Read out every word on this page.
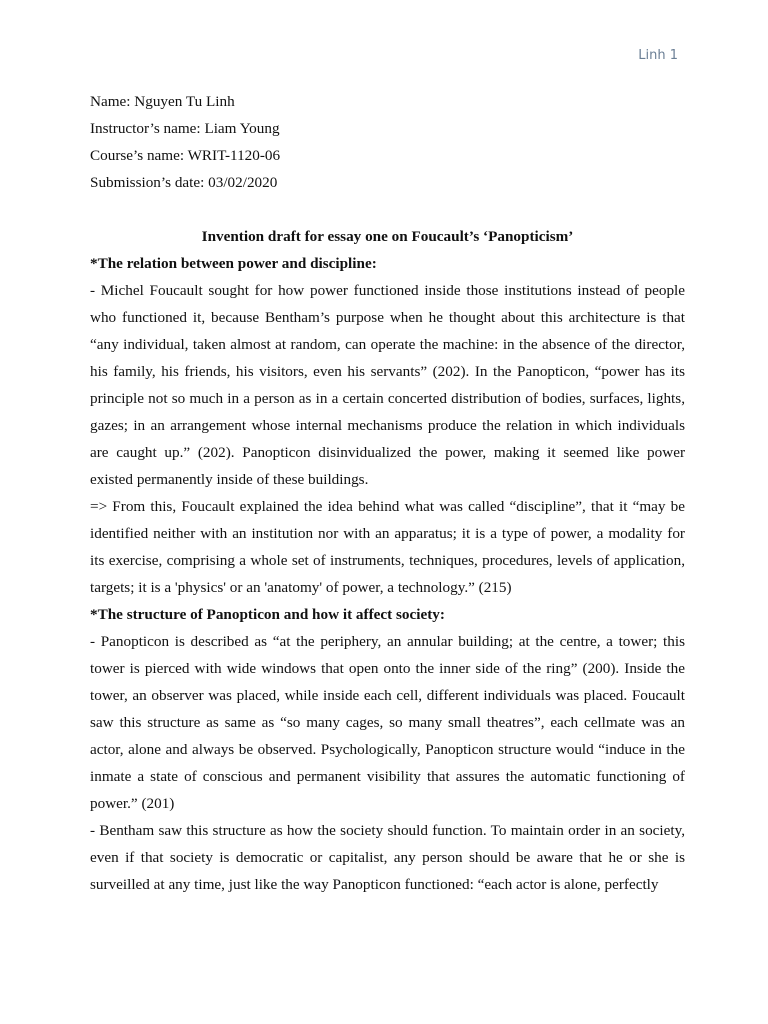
Linh 1
Name: Nguyen Tu Linh
Instructor’s name: Liam Young
Course’s name: WRIT-1120-06
Submission’s date: 03/02/2020
Invention draft for essay one on Foucault’s ‘Panopticism’
*The relation between power and discipline:
- Michel Foucault sought for how power functioned inside those institutions instead of people
who functioned it, because Bentham’s purpose when he thought about this architecture is that
“any individual, taken almost at random, can operate the machine: in the absence of the director,
his family, his friends, his visitors, even his servants” (202). In the Panopticon, “power has its
principle not so much in a person as in a certain concerted distribution of bodies, surfaces, lights,
gazes; in an arrangement whose internal mechanisms produce the relation in which individuals
are caught up.” (202). Panopticon disinvidualized the power, making it seemed like power
existed permanently inside of these buildings.
=> From this, Foucault explained the idea behind what was called “discipline”, that it “may be
identified neither with an institution nor with an apparatus; it is a type of power, a modality for
its exercise, comprising a whole set of instruments, techniques, procedures, levels of application,
targets; it is a 'physics' or an 'anatomy' of power, a technology.” (215)
*The structure of Panopticon and how it affect society:
- Panopticon is described as “at the periphery, an annular building; at the centre, a tower; this
tower is pierced with wide windows that open onto the inner side of the ring” (200). Inside the
tower, an observer was placed, while inside each cell, different individuals was placed. Foucault
saw this structure as same as “so many cages, so many small theatres”, each cellmate was an
actor, alone and always be observed. Psychologically, Panopticon structure would “induce in the
inmate a state of conscious and permanent visibility that assures the automatic functioning of
power.” (201)
- Bentham saw this structure as how the society should function. To maintain order in an society,
even if that society is democratic or capitalist, any person should be aware that he or she is
surveilled at any time, just like the way Panopticon functioned: “each actor is alone, perfectly
